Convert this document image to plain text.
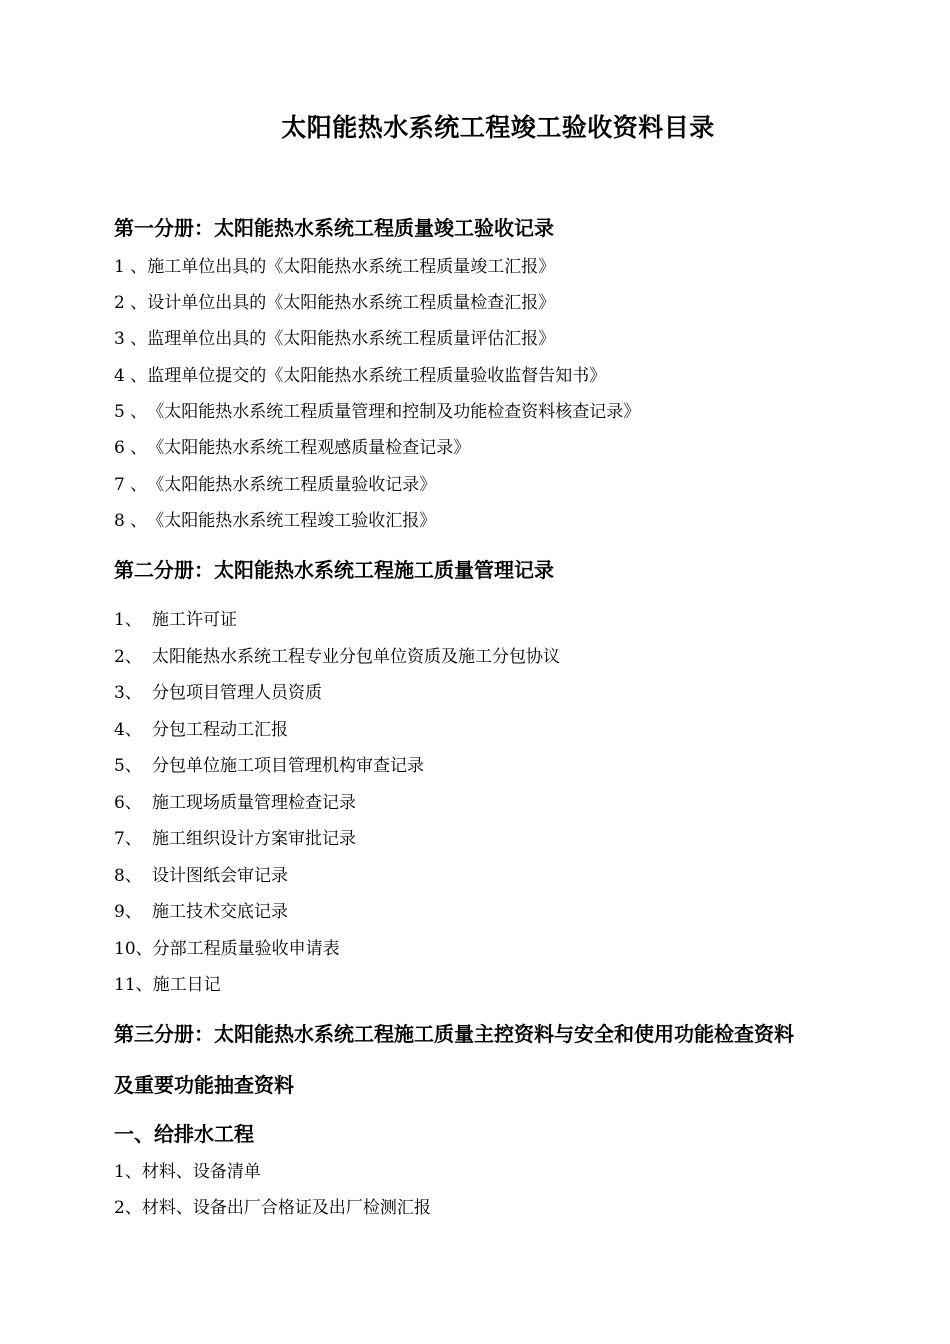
太阳能热水系统工程竣工验收资料目录
第一分册：太阳能热水系统工程质量竣工验收记录

1 、施工单位出具的《太阳能热水系统工程质量竣工汇报》

2 、设计单位出具的《太阳能热水系统工程质量检查汇报》

3 、监理单位出具的《太阳能热水系统工程质量评估汇报》

4 、监理单位提交的《太阳能热水系统工程质量验收监督告知书》

5 、《太阳能热水系统工程质量管理和控制及功能检查资料核查记录》

6 、《太阳能热水系统工程观感质量检查记录》

7 、《太阳能热水系统工程质量验收记录》

8 、《太阳能热水系统工程竣工验收汇报》

第二分册：太阳能热水系统工程施工质量管理记录

1、 施工许可证

2、 太阳能热水系统工程专业分包单位资质及施工分包协议

3、 分包项目管理人员资质

4、 分包工程动工汇报

5、 分包单位施工项目管理机构审查记录

6、 施工现场质量管理检查记录

7、 施工组织设计方案审批记录

8、 设计图纸会审记录

9、 施工技术交底记录

10、分部工程质量验收申请表

11、施工日记

第三分册：太阳能热水系统工程施工质量主控资料与安全和使用功能检查资料
及重要功能抽查资料
一、给排水工程

1、材料、设备清单

2、材料、设备出厂合格证及出厂检测汇报
